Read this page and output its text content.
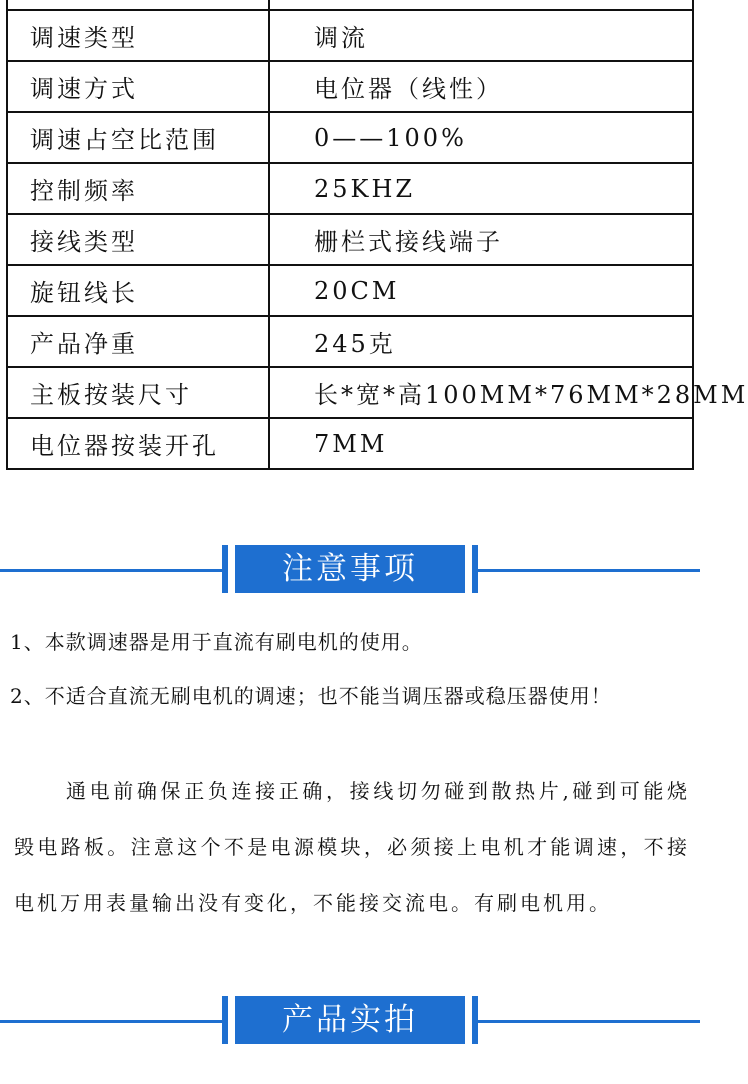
调速类型	调流
调速方式	电位器（线性）
调速占空比范围	0——100%
控制频率	25KHZ
接线类型	栅栏式接线端子
旋钮线长	20CM
产品净重	245克
主板按装尺寸	长*宽*高100MM*76MM*28MM
电位器按装开孔	7MM
注意事项
1、本款调速器是用于直流有刷电机的使用。
2、不适合直流无刷电机的调速；也不能当调压器或稳压器使用！
通电前确保正负连接正确，接线切勿碰到散热片,碰到可能烧毁电路板。注意这个不是电源模块，必须接上电机才能调速，不接电机万用表量输出没有变化，不能接交流电。有刷电机用。
产品实拍
